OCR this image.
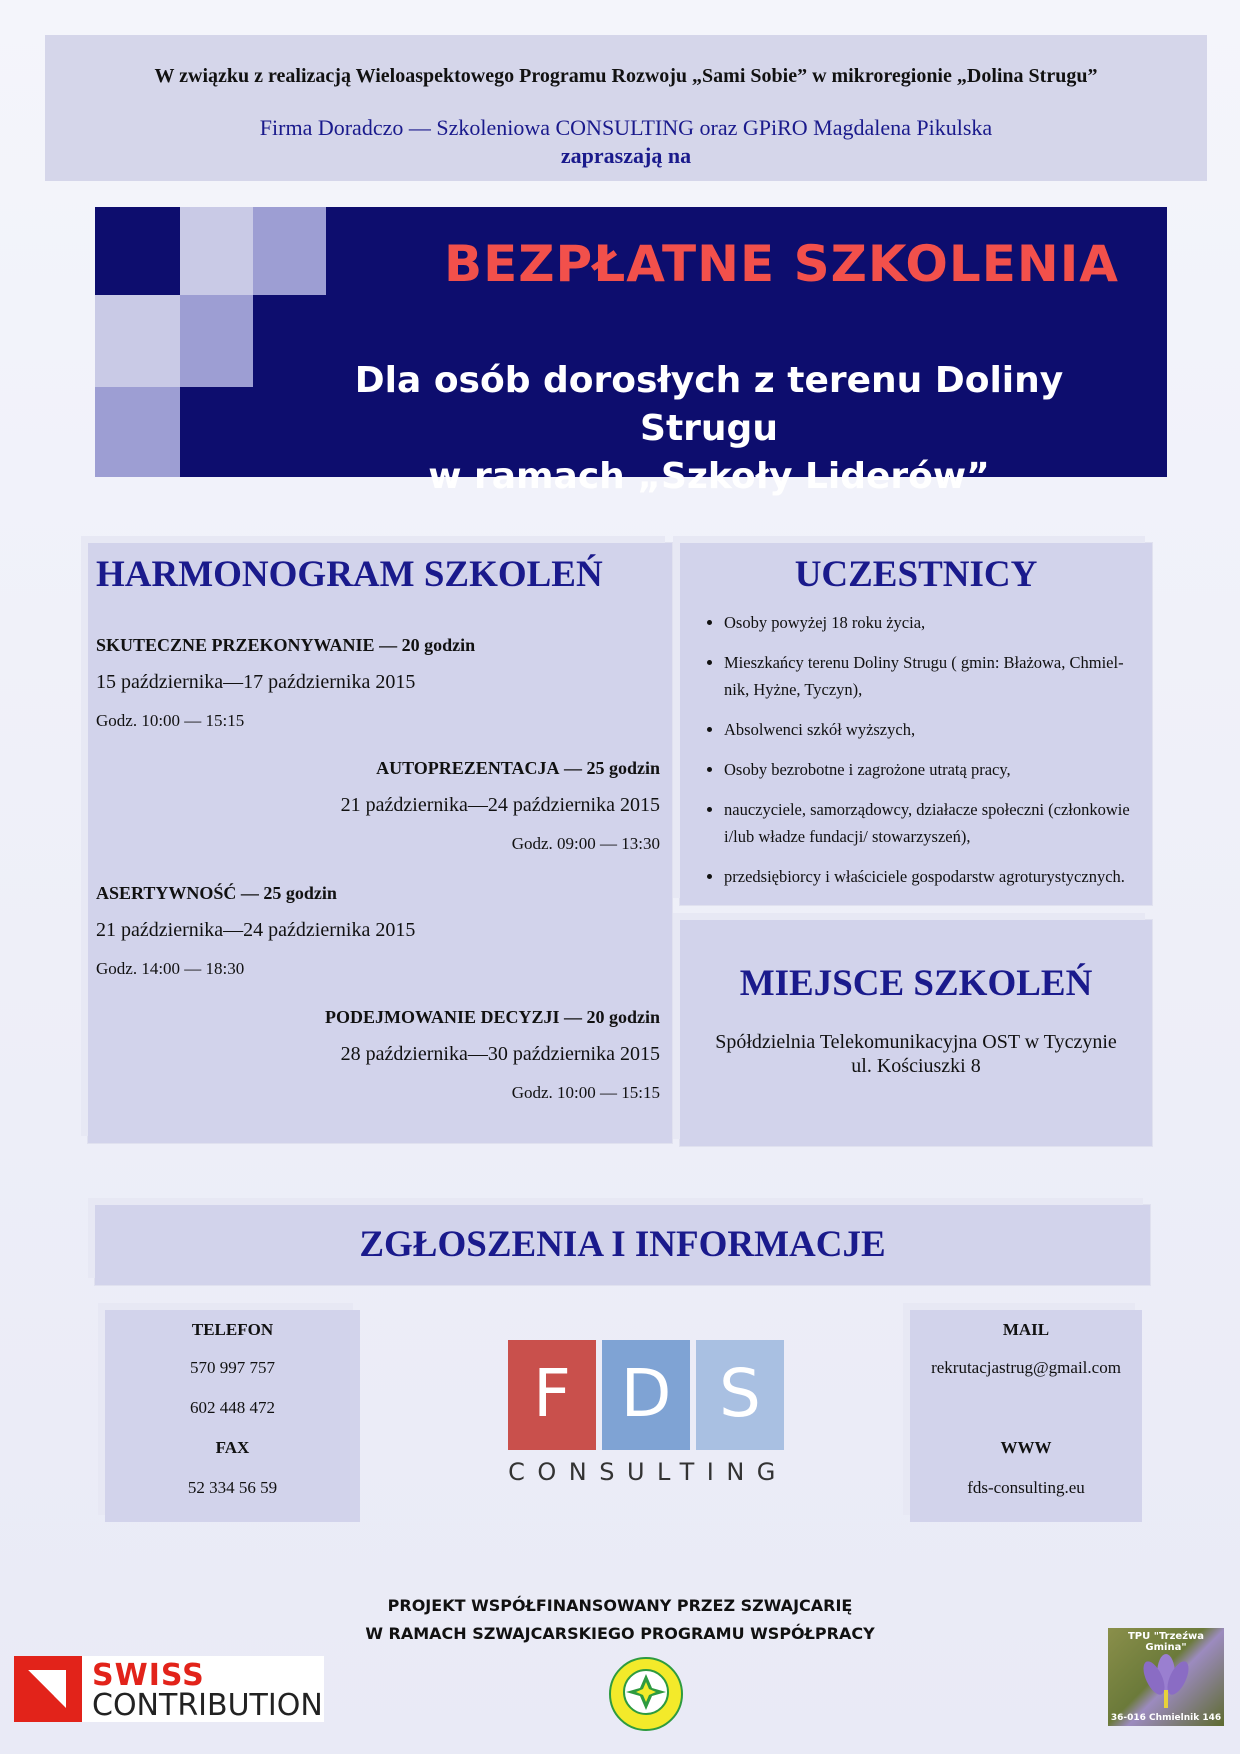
W związku z realizacją Wieloaspektowego Programu Rozwoju „Sami Sobie” w mikroregionie „Dolina Strugu”
Firma Doradczo — Szkoleniowa CONSULTING oraz GPiRO Magdalena Pikulska
zapraszają na
BEZPŁATNE SZKOLENIA
Dla osób dorosłych z terenu Doliny Strugu
w ramach „Szkoły Liderów”
HARMONOGRAM SZKOLEŃ
SKUTECZNE PRZEKONYWANIE — 20 godzin
15 października—17 października 2015
Godz. 10:00 — 15:15
AUTOPREZENTACJA — 25 godzin
21 października—24 października 2015
Godz. 09:00 — 13:30
ASERTYWNOŚĆ — 25 godzin
21 października—24 października 2015
Godz. 14:00 — 18:30
PODEJMOWANIE DECYZJI — 20 godzin
28 października—30 października 2015
Godz. 10:00 — 15:15
UCZESTNICY
• Osoby powyżej 18 roku życia,
• Mieszkańcy terenu Doliny Strugu ( gmin: Błażowa, Chmiel-nik, Hyżne, Tyczyn),
• Absolwenci szkół wyższych,
• Osoby bezrobotne i zagrożone utratą pracy,
• nauczyciele, samorządowcy, działacze społeczni (członkowie i/lub władze fundacji/ stowarzyszeń),
• przedsiębiorcy i właściciele gospodarstw agroturystycznych.
MIEJSCE SZKOLEŃ
Spółdzielnia Telekomunikacyjna OST w Tyczynie
ul. Kościuszki 8
ZGŁOSZENIA I INFORMACJE
TELEFON
570 997 757
602 448 472
FAX
52 334 56 59
F D S
CONSULTING
MAIL
rekrutacjastrug@gmail.com
WWW
fds-consulting.eu
PROJEKT WSPÓŁFINANSOWANY PRZEZ SZWAJCARIĘ
W RAMACH SZWAJCARSKIEGO PROGRAMU WSPÓŁPRACY
SWISS
CONTRIBUTION
TPU "Trzeźwa Gmina"
36-016 Chmielnik 146
